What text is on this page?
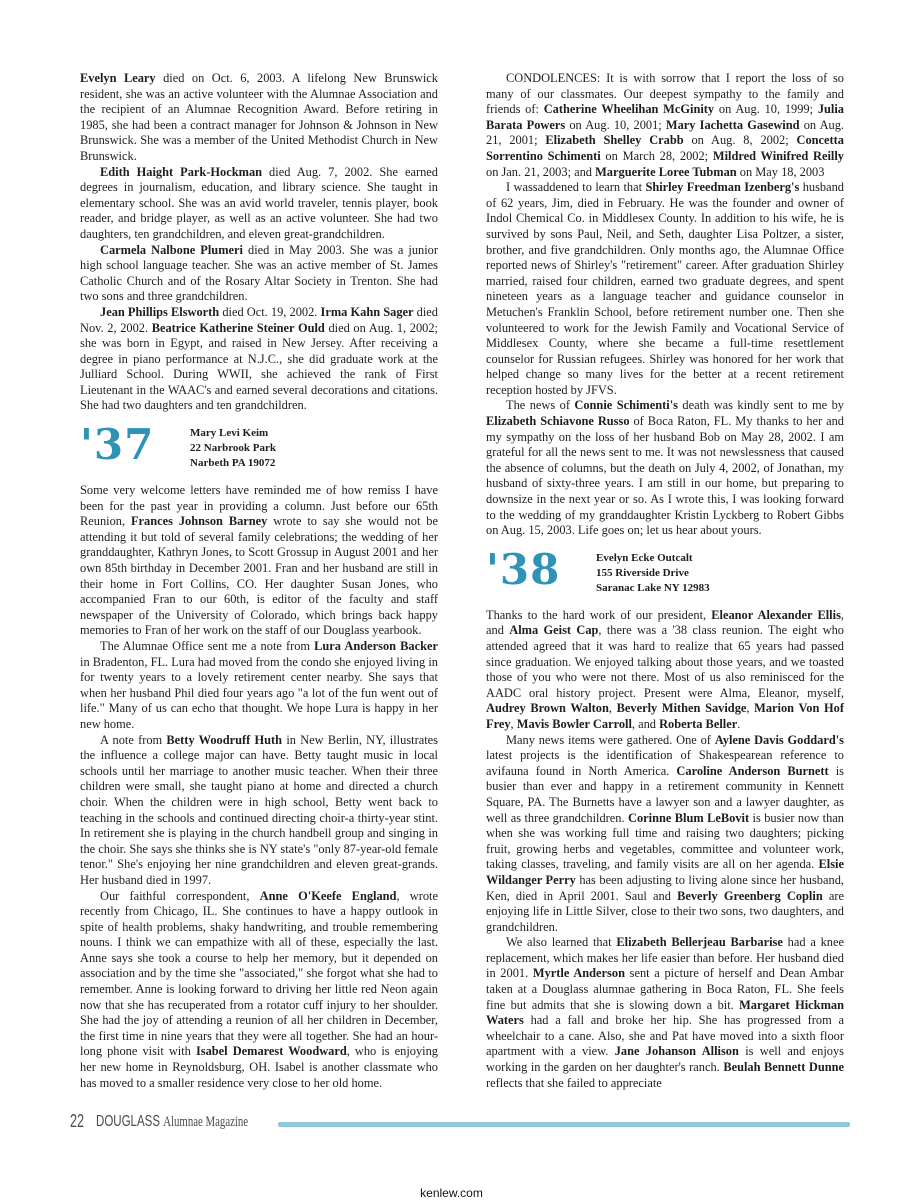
Evelyn Leary died on Oct. 6, 2003. A lifelong New Brunswick resident, she was an active volunteer with the Alumnae Association and the recipient of an Alumnae Recognition Award. Before retiring in 1985, she had been a contract manager for Johnson & Johnson in New Brunswick. She was a member of the United Methodist Church in New Brunswick.

Edith Haight Park-Hockman died Aug. 7, 2002. She earned degrees in journalism, education, and library science. She taught in elementary school. She was an avid world traveler, tennis player, book reader, and bridge player, as well as an active volunteer. She had two daughters, ten grandchildren, and eleven great-grandchildren.

Carmela Nalbone Plumeri died in May 2003. She was a junior high school language teacher. She was an active member of St. James Catholic Church and of the Rosary Altar Society in Trenton. She had two sons and three grandchildren.

Jean Phillips Elsworth died Oct. 19, 2002. Irma Kahn Sager died Nov. 2, 2002. Beatrice Katherine Steiner Ould died on Aug. 1, 2002; she was born in Egypt, and raised in New Jersey. After receiving a degree in piano performance at N.J.C., she did graduate work at the Julliard School. During WWII, she achieved the rank of First Lieutenant in the WAAC's and earned several decorations and citations. She had two daughters and ten grandchildren.

'37	Mary Levi Keim
22 Narbrook Park
Narbeth PA 19072

Some very welcome letters have reminded me of how remiss I have been for the past year in providing a column. Just before our 65th Reunion, Frances Johnson Barney wrote to say she would not be attending it but told of several family celebrations; the wedding of her granddaughter, Kathryn Jones, to Scott Grossup in August 2001 and her own 85th birthday in December 2001. Fran and her husband are still in their home in Fort Collins, CO. Her daughter Susan Jones, who accompanied Fran to our 60th, is editor of the faculty and staff newspaper of the University of Colorado, which brings back happy memories to Fran of her work on the staff of our Douglass yearbook.

The Alumnae Office sent me a note from Lura Anderson Backer in Bradenton, FL. Lura had moved from the condo she enjoyed living in for twenty years to a lovely retirement center nearby. She says that when her husband Phil died four years ago "a lot of the fun went out of life." Many of us can echo that thought. We hope Lura is happy in her new home.

A note from Betty Woodruff Huth in New Berlin, NY, illustrates the influence a college major can have. Betty taught music in local schools until her marriage to another music teacher. When their three children were small, she taught piano at home and directed a church choir. When the children were in high school, Betty went back to teaching in the schools and continued directing choir-a thirty-year stint. In retirement she is playing in the church handbell group and singing in the choir. She says she thinks she is NY state's "only 87-year-old female tenor." She's enjoying her nine grandchildren and eleven great-grands. Her husband died in 1997.

Our faithful correspondent, Anne O'Keefe England, wrote recently from Chicago, IL. She continues to have a happy outlook in spite of health problems, shaky handwriting, and trouble remembering nouns. I think we can empathize with all of these, especially the last. Anne says she took a course to help her memory, but it depended on association and by the time she "associated," she forgot what she had to remember. Anne is looking forward to driving her little red Neon again now that she has recuperated from a rotator cuff injury to her shoulder. She had the joy of attending a reunion of all her children in December, the first time in nine years that they were all together. She had an hour-long phone visit with Isabel Demarest Woodward, who is enjoying her new home in Reynoldsburg, OH. Isabel is another classmate who has moved to a smaller residence very close to her old home.

CONDOLENCES: It is with sorrow that I report the loss of so many of our classmates. Our deepest sympathy to the family and friends of: Catherine Wheelihan McGinity on Aug. 10, 1999; Julia Barata Powers on Aug. 10, 2001; Mary Iachetta Gasewind on Aug. 21, 2001; Elizabeth Shelley Crabb on Aug. 8, 2002; Concetta Sorrentino Schimenti on March 28, 2002; Mildred Winifred Reilly on Jan. 21, 2003; and Marguerite Loree Tubman on May 18, 2003

I wassaddened to learn that Shirley Freedman Izenberg's husband of 62 years, Jim, died in February. He was the founder and owner of Indol Chemical Co. in Middlesex County. In addition to his wife, he is survived by sons Paul, Neil, and Seth, daughter Lisa Poltzer, a sister, brother, and five grandchildren. Only months ago, the Alumnae Office reported news of Shirley's "retirement" career. After graduation Shirley married, raised four children, earned two graduate degrees, and spent nineteen years as a language teacher and guidance counselor in Metuchen's Franklin School, before retirement number one. Then she volunteered to work for the Jewish Family and Vocational Service of Middlesex County, where she became a full-time resettlement counselor for Russian refugees. Shirley was honored for her work that helped change so many lives for the better at a recent retirement reception hosted by JFVS.

The news of Connie Schimenti's death was kindly sent to me by Elizabeth Schiavone Russo of Boca Raton, FL. My thanks to her and my sympathy on the loss of her husband Bob on May 28, 2002. I am grateful for all the news sent to me. It was not newslessness that caused the absence of columns, but the death on July 4, 2002, of Jonathan, my husband of sixty-three years. I am still in our home, but preparing to downsize in the next year or so. As I wrote this, I was looking forward to the wedding of my granddaughter Kristin Lyckberg to Robert Gibbs on Aug. 15, 2003. Life goes on; let us hear about yours.

'38	Evelyn Ecke Outcalt
155 Riverside Drive
Saranac Lake NY 12983

Thanks to the hard work of our president, Eleanor Alexander Ellis, and Alma Geist Cap, there was a '38 class reunion. The eight who attended agreed that it was hard to realize that 65 years had passed since graduation. We enjoyed talking about those years, and we toasted those of you who were not there. Most of us also reminisced for the AADC oral history project. Present were Alma, Eleanor, myself, Audrey Brown Walton, Beverly Mithen Savidge, Marion Von Hof Frey, Mavis Bowler Carroll, and Roberta Beller.

Many news items were gathered. One of Aylene Davis Goddard's latest projects is the identification of Shakespearean reference to avifauna found in North America. Caroline Anderson Burnett is busier than ever and happy in a retirement community in Kennett Square, PA. The Burnetts have a lawyer son and a lawyer daughter, as well as three grandchildren. Corinne Blum LeBovit is busier now than when she was working full time and raising two daughters; picking fruit, growing herbs and vegetables, committee and volunteer work, taking classes, traveling, and family visits are all on her agenda. Elsie Wildanger Perry has been adjusting to living alone since her husband, Ken, died in April 2001. Saul and Beverly Greenberg Coplin are enjoying life in Little Silver, close to their two sons, two daughters, and grandchildren.

We also learned that Elizabeth Bellerjeau Barbarise had a knee replacement, which makes her life easier than before. Her husband died in 2001. Myrtle Anderson sent a picture of herself and Dean Ambar taken at a Douglass alumnae gathering in Boca Raton, FL. She feels fine but admits that she is slowing down a bit. Margaret Hickman Waters had a fall and broke her hip. She has progressed from a wheelchair to a cane. Also, she and Pat have moved into a sixth floor apartment with a view. Jane Johanson Allison is well and enjoys working in the garden on her daughter's ranch. Beulah Bennett Dunne reflects that she failed to appreciate

22 DOUGLASS Alumnae Magazine
kenlew.com
